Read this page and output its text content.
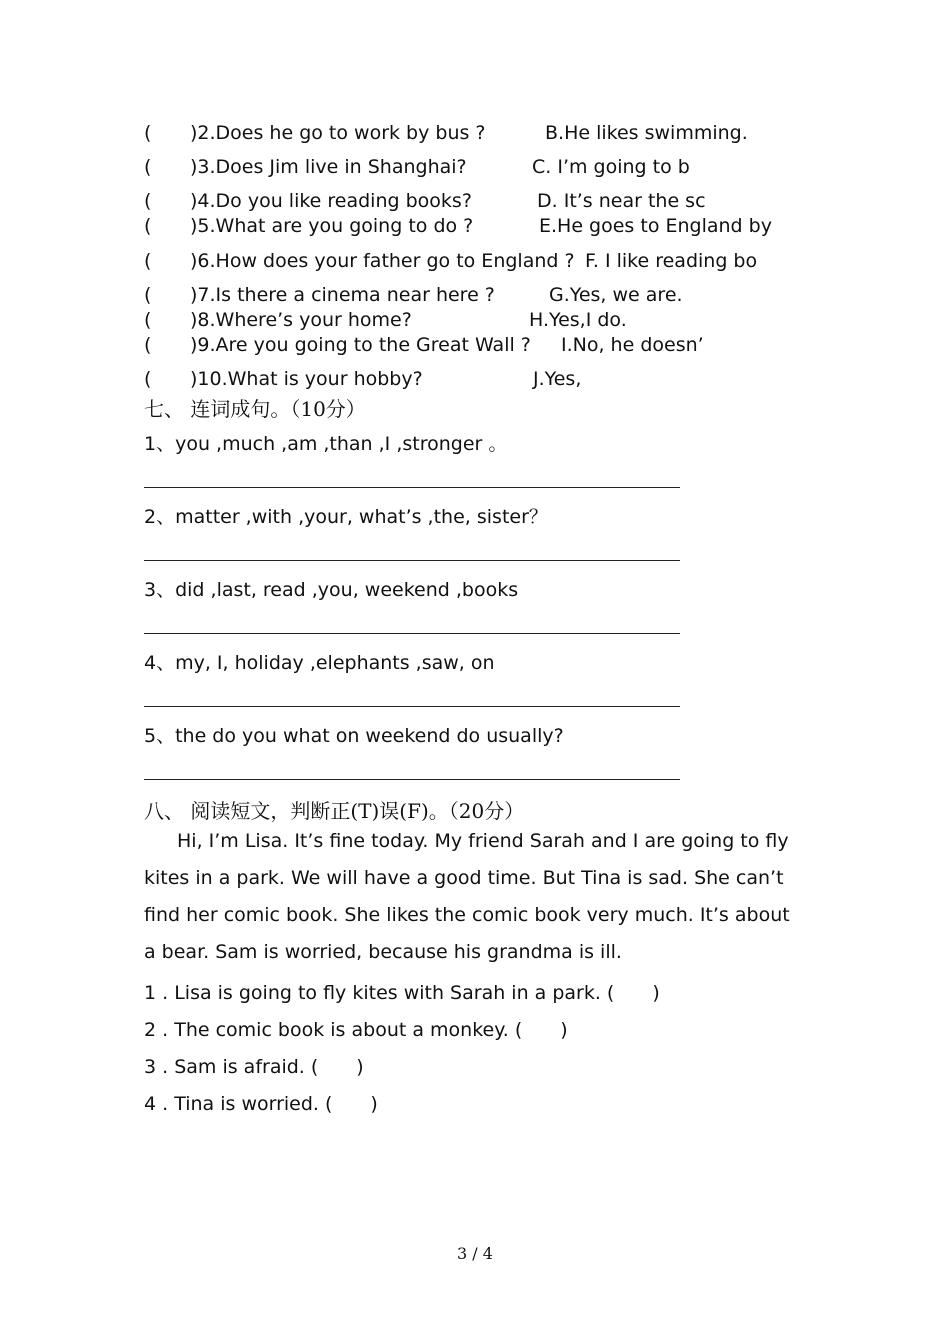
( )2.Does he go to work by bus ?	B.He likes swimming.
( )3.Does Jim live in Shanghai?	C. I’m going to b
( )4.Do you like reading books?	D. It’s near the sc
( )5.What are you going to do ?	E.He goes to England by
( )6.How does your father go to England ? F. I like reading bo
( )7.Is there a cinema near here ?	G.Yes, we are.
( )8.Where’s your home?	H.Yes,I do.
( )9.Are you going to the Great Wall ? I.No, he doesn’
( )10.What is your hobby?	J.Yes,
七、 连词成句。（10分）
1、you ,much ,am ,than ,I ,stronger 。
2、matter ,with ,your, what’s ,the, sister？
3、did ,last, read ,you, weekend ,books
4、my, I, holiday ,elephants ,saw, on
5、the do you what on weekend do usually?
八、 阅读短文，判断正(T)误(F)。（20分）
Hi, I’m Lisa. It’s fine today. My friend Sarah and I are going to fly kites in a park. We will have a good time. But Tina is sad. She can’t find her comic book. She likes the comic book very much. It’s about a bear. Sam is worried, because his grandma is ill.
1 . Lisa is going to fly kites with Sarah in a park. (　　)
2 . The comic book is about a monkey. (　　)
3 . Sam is afraid. (　　)
4 . Tina is worried. (　　)
3 / 4
